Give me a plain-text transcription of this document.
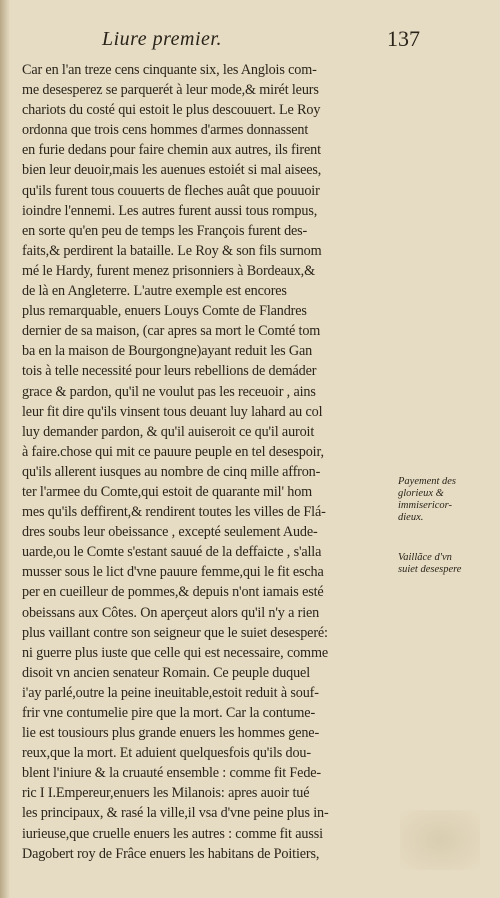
Liure premier.	137
Car en l'an treze cens cinquante six, les Anglois com-
me desesperez se parquerét à leur mode,& mirét leurs
chariots du costé qui estoit le plus descouuert. Le Roy
ordonna que trois cens hommes d'armes donnassent
en furie dedans pour faire chemin aux autres, ils firent
bien leur deuoir,mais les auenues estoiét si mal aisees,
qu'ils furent tous couuerts de fleches auât que pouuoir
ioindre l'ennemi. Les autres furent aussi tous rompus,
en sorte qu'en peu de temps les François furent des-
faits,& perdirent la bataille. Le Roy & son fils surnom
mé le Hardy, furent menez prisonniers à Bordeaux,&
de là en Angleterre. L'autre exemple est encores
plus remarquable, enuers Louys Comte de Flandres
dernier de sa maison, (car apres sa mort le Comté tom
ba en la maison de Bourgongne)ayant reduit les Gan
tois à telle necessité pour leurs rebellions de demáder
grace & pardon, qu'il ne voulut pas les receuoir , ains
leur fit dire qu'ils vinsent tous deuant luy lahard au col
luy demander pardon, & qu'il auiseroit ce qu'il auroit
à faire.chose qui mit ce pauure peuple en tel desespoir,
qu'ils allerent iusques au nombre de cinq mille affron-
ter l'armee du Comte,qui estoit de quarante mil' hom
mes qu'ils deffirent,& rendirent toutes les villes de Flá-
dres soubs leur obeissance , excepté seulement Aude-
uarde,ou le Comte s'estant sauué de la deffaicte , s'alla
musser sous le lict d'vne pauure femme,qui le fit escha
per en cueilleur de pommes,& depuis n'ont iamais esté
obeissans aux Côtes. On aperçeut alors qu'il n'y a rien
plus vaillant contre son seigneur que le suiet desesperé:
ni guerre plus iuste que celle qui est necessaire, comme
disoit vn ancien senateur Romain. Ce peuple duquel
i'ay parlé,outre la peine ineuitable,estoit reduit à souf-
frir vne contumelie pire que la mort. Car la contume-
lie est tousiours plus grande enuers les hommes gene-
reux,que la mort. Et aduient quelquesfois qu'ils dou-
blent l'iniure & la cruauté ensemble : comme fit Fede-
ric I I.Empereur,enuers les Milanois: apres auoir tué
les principaux, & rasé la ville,il vsa d'vne peine plus in-
iurieuse,que cruelle enuers les autres : comme fit aussi
Dagobert roy de Frâce enuers les habitans de Poitiers,
Payement des
glorieux &
immisericor-
dieux.
Vaillãce d'vn
suiet desespere
